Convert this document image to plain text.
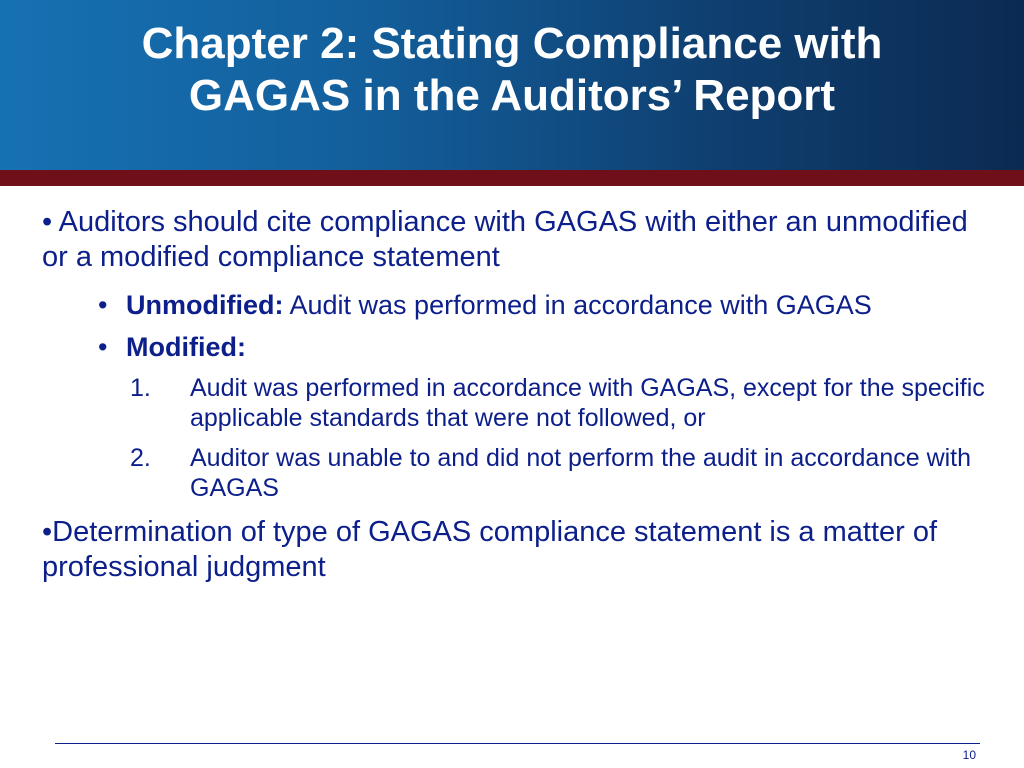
Chapter 2: Stating Compliance with
GAGAS in the Auditors’ Report
• Auditors should cite compliance with GAGAS with either an unmodified or a modified compliance statement
• Unmodified: Audit was performed in accordance with GAGAS
• Modified:
1. Audit was performed in accordance with GAGAS, except for the specific applicable standards that were not followed, or
2. Auditor was unable to and did not perform the audit in accordance with GAGAS
•Determination of type of GAGAS compliance statement is a matter of professional judgment
10
